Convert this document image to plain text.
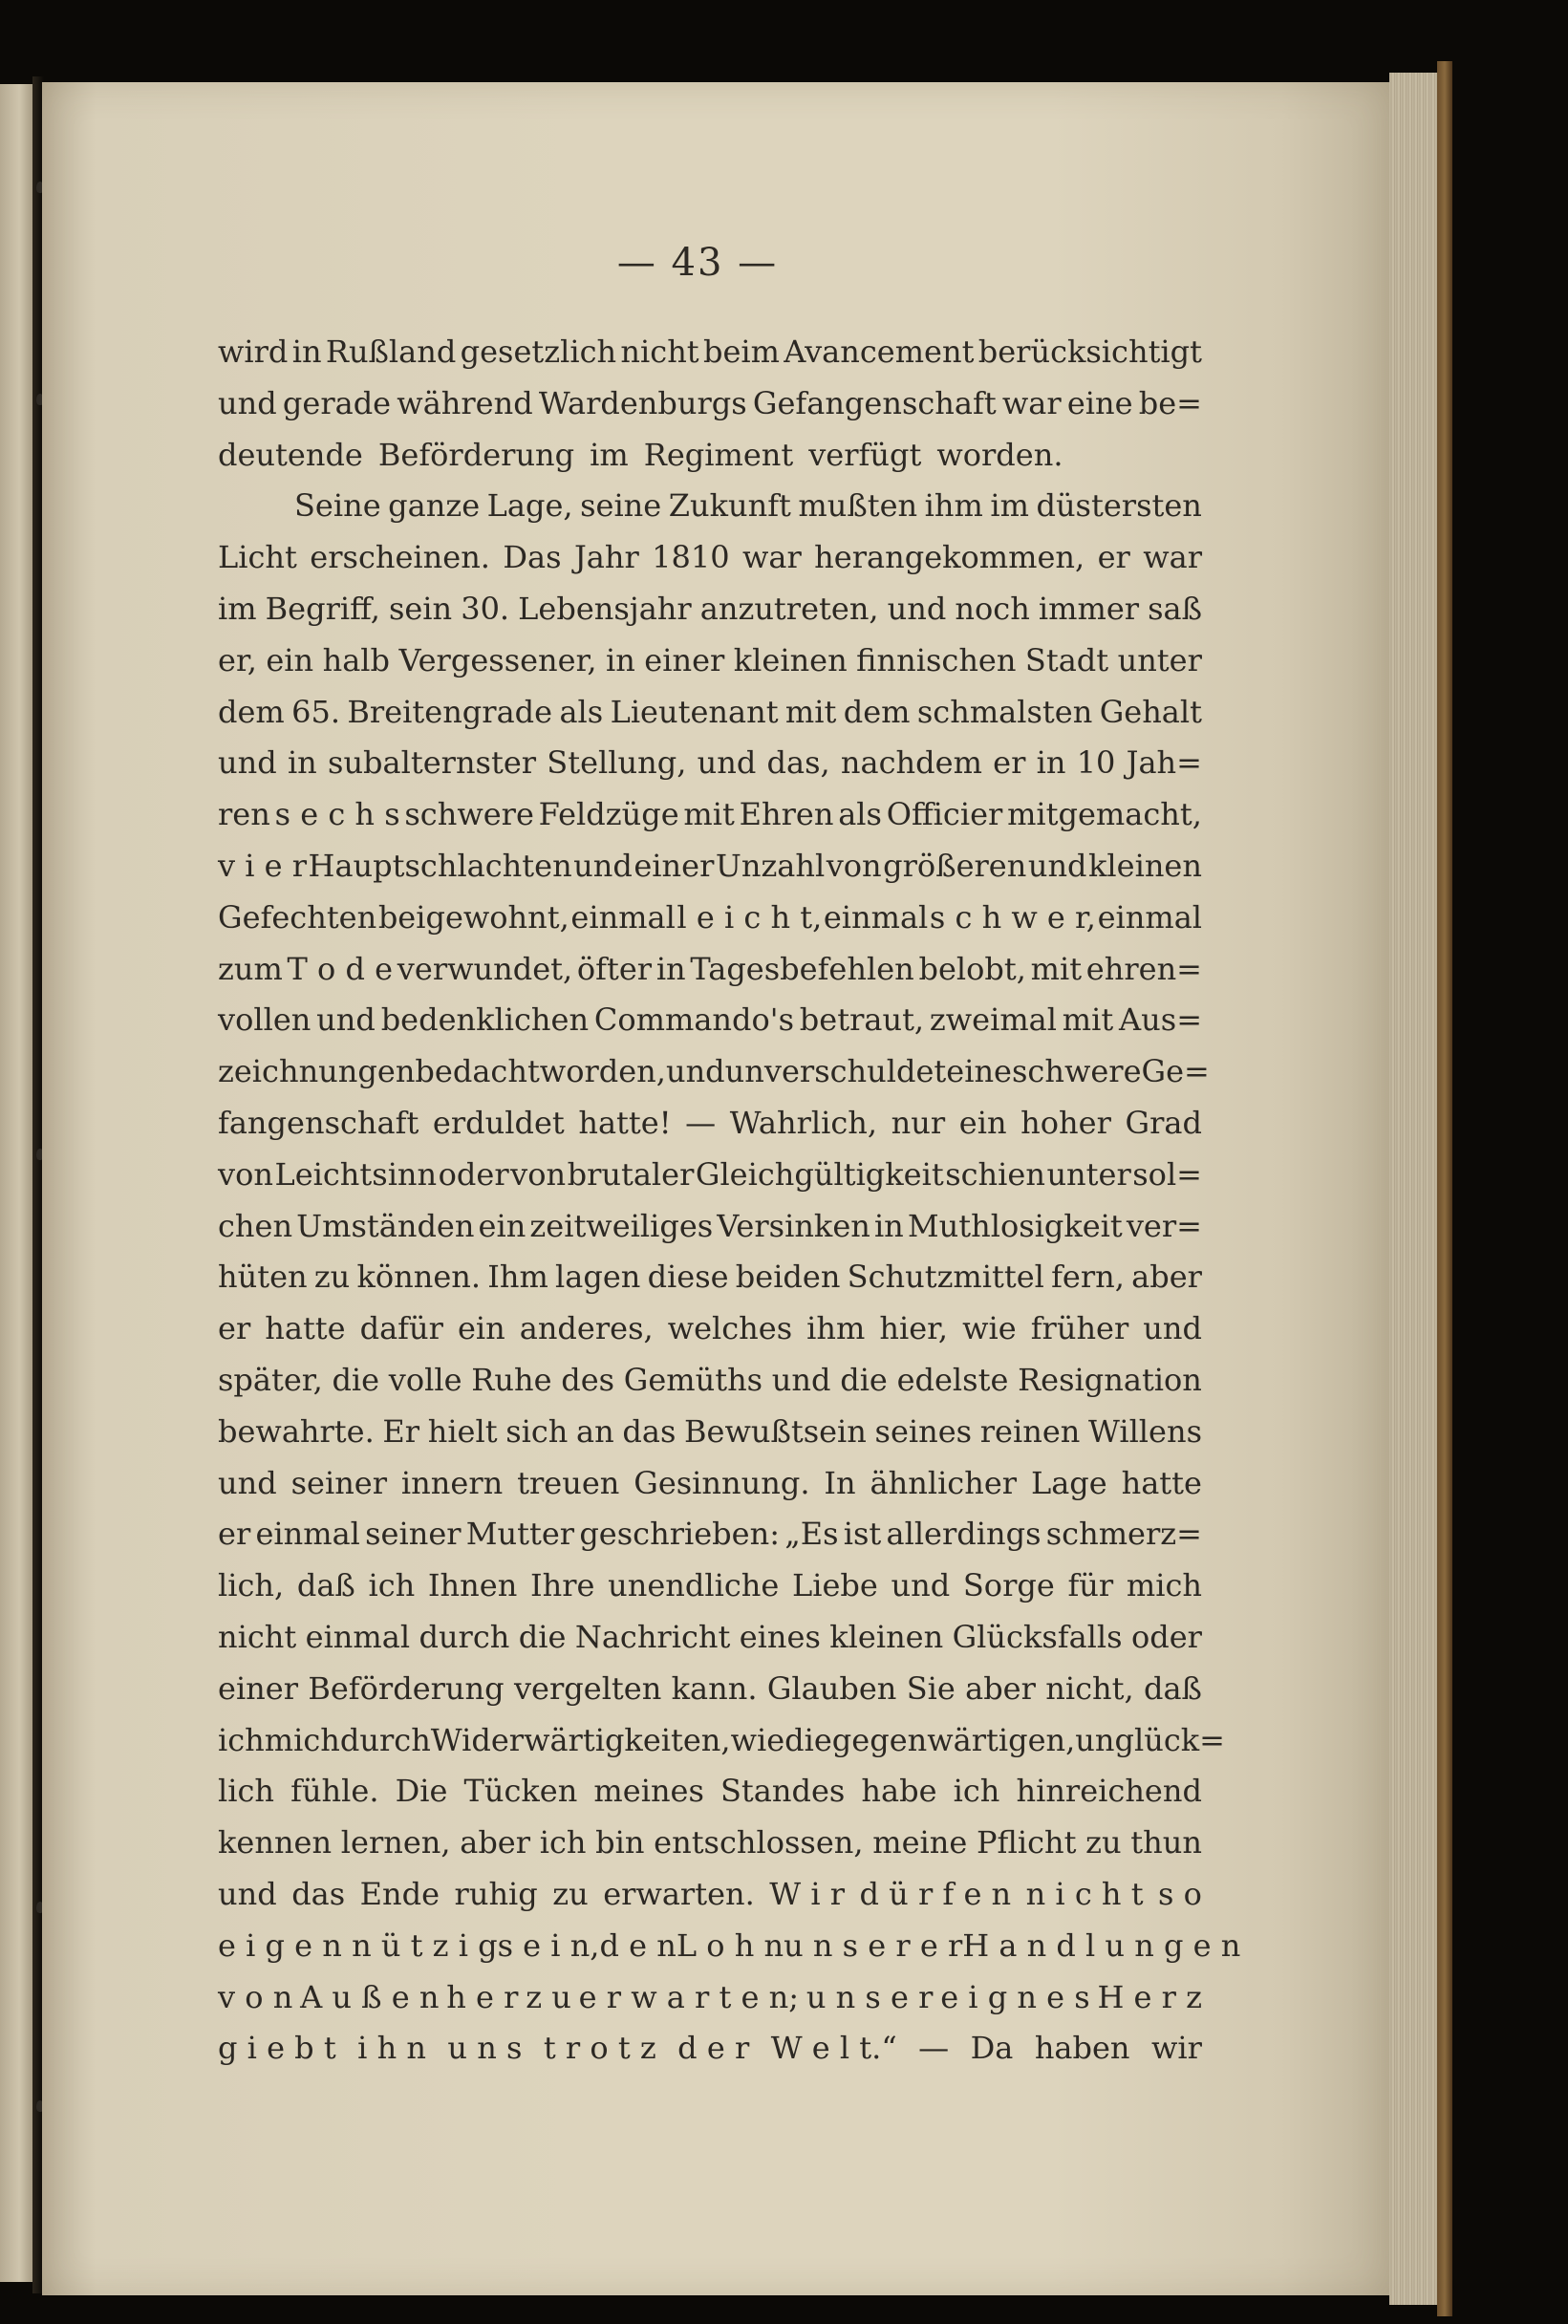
— 43 —
wird in Rußland gesetzlich nicht beim Avancement berücksichtigt
und gerade während Wardenburgs Gefangenschaft war eine be=
deutende Beförderung im Regiment verfügt worden.
Seine ganze Lage, seine Zukunft mußten ihm im düstersten
Licht erscheinen. Das Jahr 1810 war herangekommen, er war
im Begriff, sein 30. Lebensjahr anzutreten, und noch immer saß
er, ein halb Vergessener, in einer kleinen finnischen Stadt unter
dem 65. Breitengrade als Lieutenant mit dem schmalsten Gehalt
und in subalternster Stellung, und das, nachdem er in 10 Jah=
ren s e c h s schwere Feldzüge mit Ehren als Officier mitgemacht,
v i e r Hauptschlachten und einer Unzahl von größeren und kleinen
Gefechten beigewohnt, einmal l e i c h t, einmal s c h w e r, einmal
zum T o d e verwundet, öfter in Tagesbefehlen belobt, mit ehren=
vollen und bedenklichen Commando's betraut, zweimal mit Aus=
zeichnungen bedacht worden, und unverschuldet eine schwere Ge=
fangenschaft erduldet hatte! — Wahrlich, nur ein hoher Grad
von Leichtsinn oder von brutaler Gleichgültigkeit schien unter sol=
chen Umständen ein zeitweiliges Versinken in Muthlosigkeit ver=
hüten zu können. Ihm lagen diese beiden Schutzmittel fern, aber
er hatte dafür ein anderes, welches ihm hier, wie früher und
später, die volle Ruhe des Gemüths und die edelste Resignation
bewahrte. Er hielt sich an das Bewußtsein seines reinen Willens
und seiner innern treuen Gesinnung. In ähnlicher Lage hatte
er einmal seiner Mutter geschrieben: „Es ist allerdings schmerz=
lich, daß ich Ihnen Ihre unendliche Liebe und Sorge für mich
nicht einmal durch die Nachricht eines kleinen Glücksfalls oder
einer Beförderung vergelten kann. Glauben Sie aber nicht, daß
ich mich durch Widerwärtigkeiten, wie die gegenwärtigen, unglück=
lich fühle. Die Tücken meines Standes habe ich hinreichend
kennen lernen, aber ich bin entschlossen, meine Pflicht zu thun
und das Ende ruhig zu erwarten. W i r d ü r f e n n i c h t s o
e i g e n n ü t z i g s e i n, d e n L o h n u n s e r e r H a n d l u n g e n
v o n A u ß e n h e r z u e r w a r t e n; u n s e r e i g n e s H e r z
g i e b t i h n u n s t r o t z d e r W e l t.“ — Da haben wir
